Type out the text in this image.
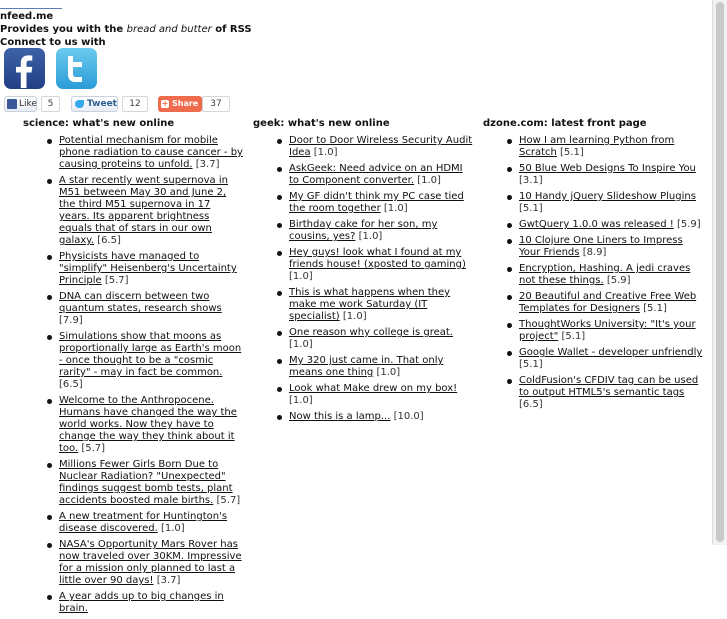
nfeed.me
Provides you with the bread and butter of RSS
Connect to us with
Like	5	Tweet	12	+ Share	37
science: what's new online
Potential mechanism for mobile phone radiation to cause cancer - by causing proteins to unfold. [3.7]
A star recently went supernova in M51 between May 30 and June 2, the third M51 supernova in 17 years. Its apparent brightness equals that of stars in our own galaxy. [6.5]
Physicists have managed to "simplify" Heisenberg's Uncertainty Principle [5.7]
DNA can discern between two quantum states, research shows [7.9]
Simulations show that moons as proportionally large as Earth's moon - once thought to be a "cosmic rarity" - may in fact be common. [6.5]
Welcome to the Anthropocene. Humans have changed the way the world works. Now they have to change the way they think about it too. [5.7]
Millions Fewer Girls Born Due to Nuclear Radiation? "Unexpected" findings suggest bomb tests, plant accidents boosted male births. [5.7]
A new treatment for Huntington's disease discovered. [1.0]
NASA's Opportunity Mars Rover has now traveled over 30KM. Impressive for a mission only planned to last a little over 90 days! [3.7]
A year adds up to big changes in brain.
geek: what's new online
Door to Door Wireless Security Audit Idea [1.0]
AskGeek: Need advice on an HDMI to Component converter. [1.0]
My GF didn't think my PC case tied the room together [1.0]
Birthday cake for her son, my cousins, yes? [1.0]
Hey guys! look what I found at my friends house! (xposted to gaming) [1.0]
This is what happens when they make me work Saturday (IT specialist) [1.0]
One reason why college is great. [1.0]
My 320 just came in. That only means one thing [1.0]
Look what Make drew on my box! [1.0]
Now this is a lamp... [10.0]
dzone.com: latest front page
How I am learning Python from Scratch [5.1]
50 Blue Web Designs To Inspire You [3.1]
10 Handy jQuery Slideshow Plugins [5.1]
GwtQuery 1.0.0 was released ! [5.9]
10 Clojure One Liners to Impress Your Friends [8.9]
Encryption, Hashing. A jedi craves not these things. [5.9]
20 Beautiful and Creative Free Web Templates for Designers [5.1]
ThoughtWorks University: "It's your project" [5.1]
Google Wallet - developer unfriendly [5.1]
ColdFusion's CFDIV tag can be used to output HTML5's semantic tags [6.5]
